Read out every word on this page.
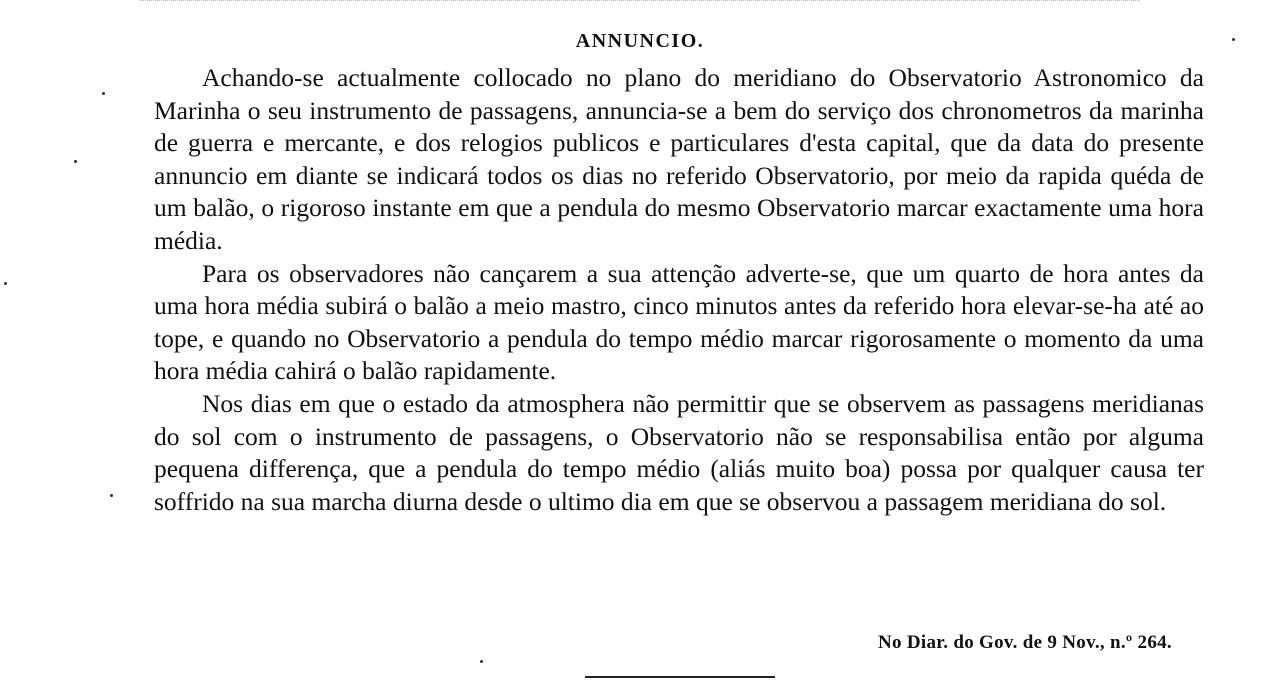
ANNUNCIO.

Achando-se actualmente collocado no plano do meridiano do Observatorio Astronomico da Marinha o seu instrumento de passagens, annuncia-se a bem do serviço dos chronometros da marinha de guerra e mercante, e dos relogios publicos e particulares d'esta capital, que da data do presente annuncio em diante se indicará todos os dias no referido Observatorio, por meio da rapida quéda de um balão, o rigoroso instante em que a pendula do mesmo Observatorio marcar exactamente uma hora média.

Para os observadores não cançarem a sua attenção adverte-se, que um quarto de hora antes da uma hora média subirá o balão a meio mastro, cinco minutos antes da referido hora elevar-se-ha até ao tope, e quando no Observatorio a pendula do tempo médio marcar rigorosamente o momento da uma hora média cahirá o balão rapidamente.

Nos dias em que o estado da atmosphera não permittir que se observem as passagens meridianas do sol com o instrumento de passagens, o Observatorio não se responsabilisa então por alguma pequena differença, que a pendula do tempo médio (aliás muito boa) possa por qualquer causa ter soffrido na sua marcha diurna desde o ultimo dia em que se observou a passagem meridiana do sol.

No Diar. do Gov. de 9 Nov., n.º 264.
